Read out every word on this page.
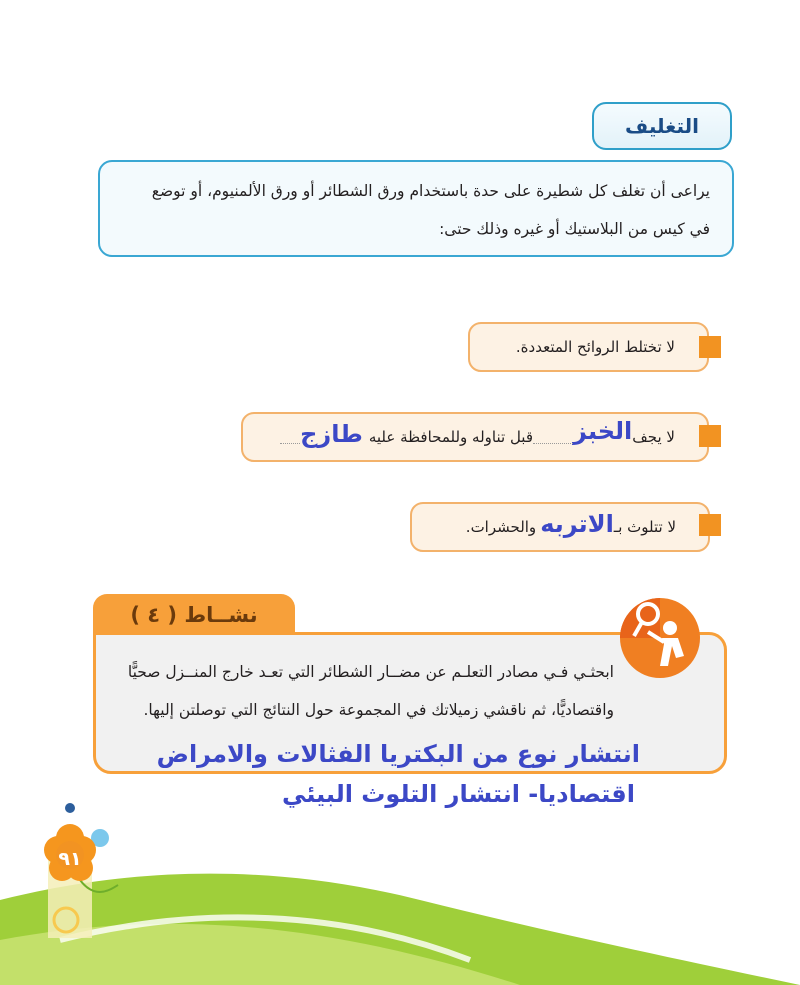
التغليف

يراعى أن تغلف كل شطيرة على حدة باستخدام ورق الشطائر أو ورق الألمنيوم، أو توضع

في كيس من البلاستيك أو غيره وذلك حتى:

لا تختلط الروائح المتعددة.
لا يجف
الخبز
قبل تناوله وللمحافظة عليه
طازج
لا تتلوث بـ
الاتربه
والحشرات.
نشــاط ( ٤ )

ابحثـي فـي مصادر التعلـم عن مضــار الشطائر التي تعـد خارج المنــزل صحيًّا

واقتصاديًّا، ثم ناقشي زميلاتك في المجموعة حول النتائج التي توصلتن إليها.

انتشار نوع من البكتريا الفثالات والامراض
اقتصاديا- انتشار التلوث البيئي
٩١
